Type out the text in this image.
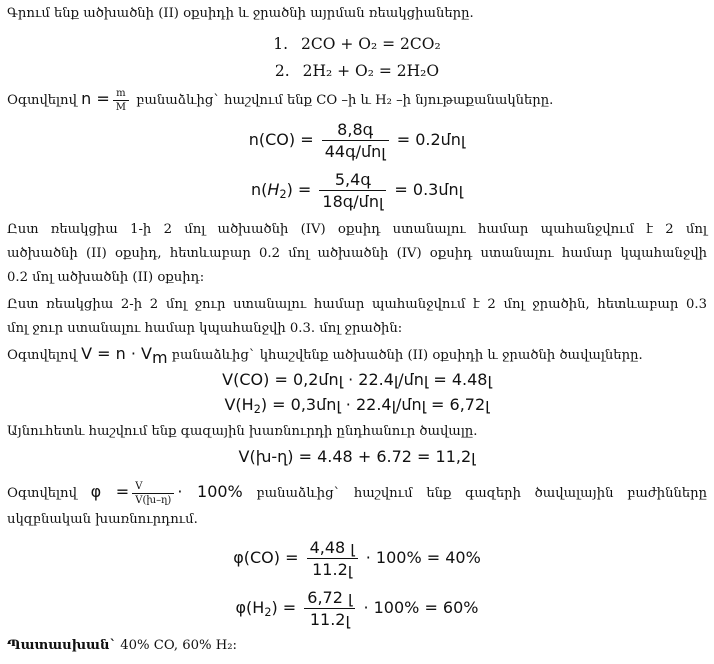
Գրում ենք ածխածնի (II) օքսիդի և ջրածնի այրման ռեակցիաները.
1. 2CO + O₂ = 2CO₂
2. 2H₂ + O₂ = 2H₂O
Օգտվելով $n = \frac{m}{M}$ բանաձևից` հաշվում ենք CO –ի և H₂ –ի նյութաքանակները.
$n(CO) = \frac{\text{8,8գ}}{\text{44գ/մոլ}}$ = 0.2մոլ
$n(H_2) = \frac{\text{5,4գ}}{\text{18գ/մոլ}}$ = 0.3մոլ
Ըստ ռեակցիա 1-ի 2 մոլ ածխածնի (IV) օքսիդ ստանալու համար պահանջվում է 2 մոլ
ածխածնի (II) օքսիդ, հետևաբար 0.2 մոլ ածխածնի (IV) օքսիդ ստանալու համար կպահանջվի
0.2 մոլ ածխածնի (II) օքսիդ:
Ըստ ռեակցիա 2-ի 2 մոլ ջուր ստանալու համար պահանջվում է 2 մոլ ջրածին, հետևաբար 0.3
մոլ ջուր ստանալու համար կպահանջվի 0.3. մոլ ջրածին:
Օգտվելով $V = n \cdot V_m$ բանաձևից` կհաշվենք ածխածնի (II) օքսիդի և ջրածնի ծավալները.
V(CO) = 0,2մոլ · 22.4լ/մոլ = 4.48լ
$V(H_2)$ = 0,3մոլ · 22.4լ/մոլ = 6,72լ
Այնուհետև հաշվում ենք գազային խառնուրդի ընդհանուր ծավալը.
V(խ-ղ) = 4.48 + 6.72 = 11,2լ
Օգտվելով $\varphi = \frac{V}{\text{V(խ–ղ)}} \cdot 100\%$ բանաձևից` հաշվում ենք գազերի ծավալային բաժինները
սկզբնական խառնուրդում.
$\varphi(CO) = \frac{\text{4,48 լ}}{\text{11.2լ}} \cdot 100\% = 40\%$
$\varphi(H_2) = \frac{\text{6,72 լ}}{\text{11.2լ}} \cdot 100\% = 60\%$
Պատասխան` 40% CO, 60% H₂:
